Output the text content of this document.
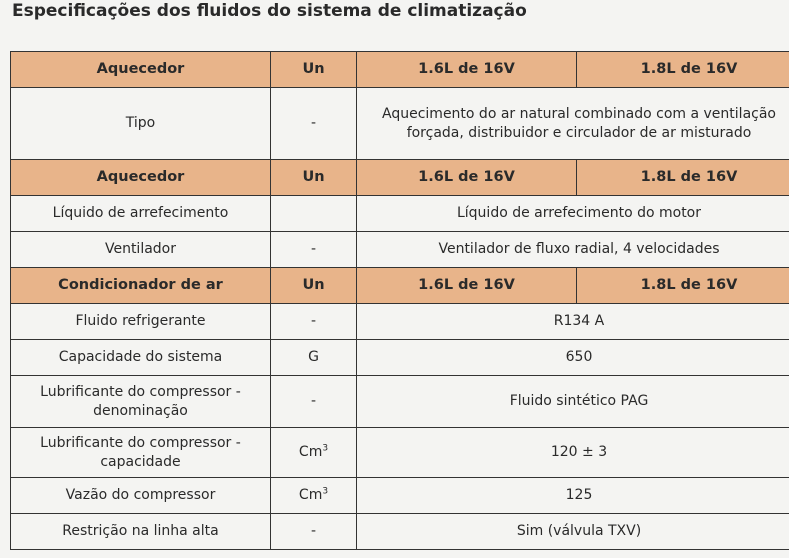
Especificações dos fluidos do sistema de climatização
Aquecedor	Un	1.6L de 16V	1.8L de 16V
Tipo	-	Aquecimento do ar natural combinado com a ventilação forçada, distribuidor e circulador de ar misturado	
Aquecedor	Un	1.6L de 16V	1.8L de 16V
Líquido de arrefecimento		Líquido de arrefecimento do motor	
Ventilador	-	Ventilador de fluxo radial, 4 velocidades	
Condicionador de ar	Un	1.6L de 16V	1.8L de 16V
Fluido refrigerante	-	R134 A	
Capacidade do sistema	G	650	
Lubrificante do compressor - denominação	-	Fluido sintético PAG	
Lubrificante do compressor - capacidade	Cm$^3$	120 ± 3	
Vazão do compressor	Cm$^3$	125	
Restrição na linha alta	-	Sim (válvula TXV)	
